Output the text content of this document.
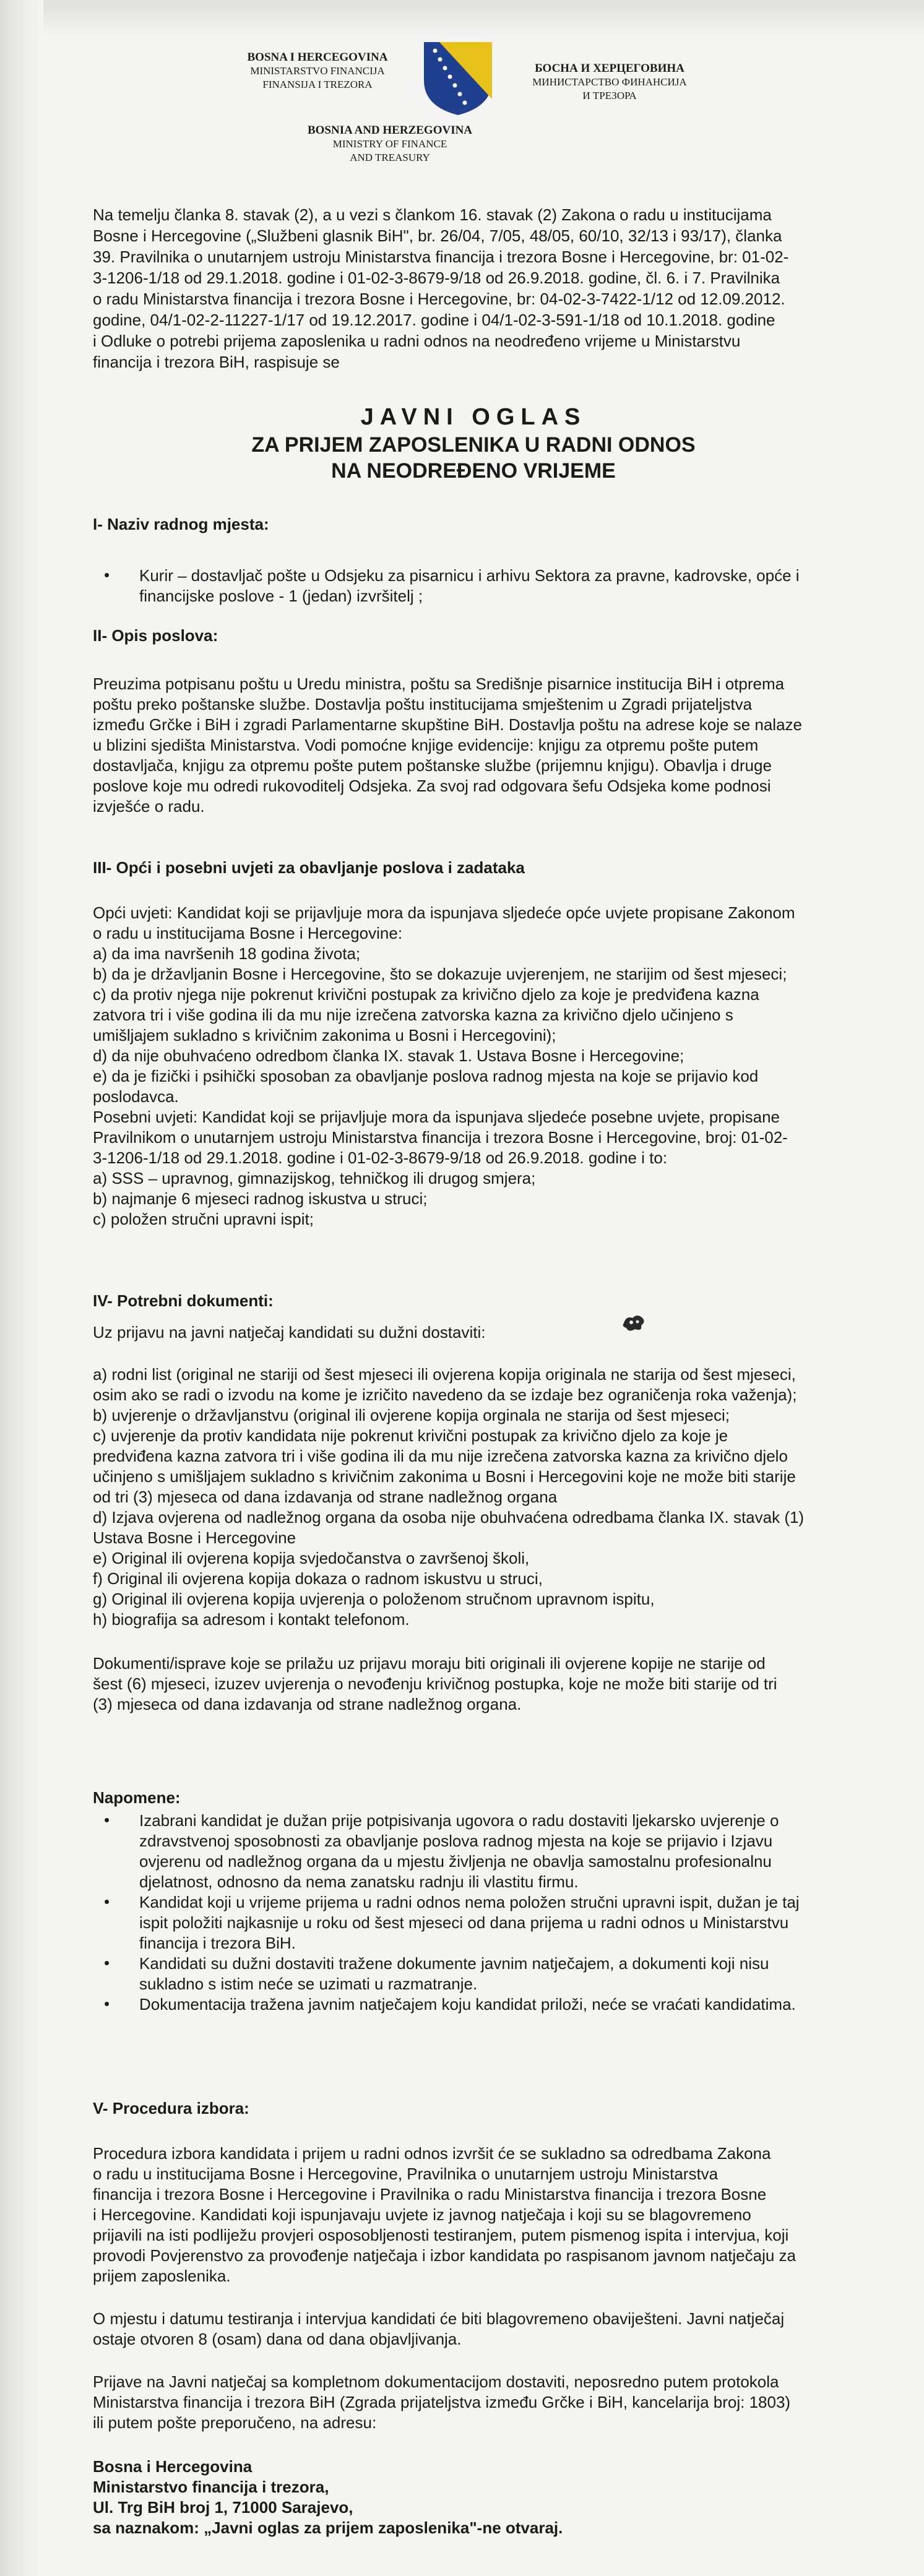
BOSNA I HERCEGOVINA
MINISTARSTVO FINANCIJA
FINANSIJA I TREZORA
БОСНА И ХЕРЦЕГОВИНА
МИНИСТАРСТВО ФИНАНСИЈА
И ТРЕЗОРА
BOSNIA AND HERZEGOVINA
MINISTRY OF FINANCE
AND TREASURY
Na temelju članka 8. stavak (2), a u vezi s člankom 16. stavak (2) Zakona o radu u institucijama
Bosne i Hercegovine („Službeni glasnik BiH", br. 26/04, 7/05, 48/05, 60/10, 32/13 i 93/17), članka
39. Pravilnika o unutarnjem ustroju Ministarstva financija i trezora Bosne i Hercegovine, br: 01-02-
3-1206-1/18 od 29.1.2018. godine i 01-02-3-8679-9/18 od 26.9.2018. godine, čl. 6. i 7. Pravilnika
o radu Ministarstva financija i trezora Bosne i Hercegovine, br: 04-02-3-7422-1/12 od 12.09.2012.
godine, 04/1-02-2-11227-1/17 od 19.12.2017. godine i 04/1-02-3-591-1/18 od 10.1.2018. godine
i Odluke o potrebi prijema zaposlenika u radni odnos na neodređeno vrijeme u Ministarstvu
financija i trezora BiH, raspisuje se
JAVNI OGLAS
ZA PRIJEM ZAPOSLENIKA U RADNI ODNOS
NA NEODREĐENO VRIJEME
I- Naziv radnog mjesta:
• Kurir – dostavljač pošte u Odsjeku za pisarnicu i arhivu Sektora za pravne, kadrovske, opće i
financijske poslove - 1 (jedan) izvršitelj ;
II- Opis poslova:
Preuzima potpisanu poštu u Uredu ministra, poštu sa Središnje pisarnice institucija BiH i otprema
poštu preko poštanske službe. Dostavlja poštu institucijama smještenim u Zgradi prijateljstva
između Grčke i BiH i zgradi Parlamentarne skupštine BiH. Dostavlja poštu na adrese koje se nalaze
u blizini sjedišta Ministarstva. Vodi pomoćne knjige evidencije: knjigu za otpremu pošte putem
dostavljača, knjigu za otpremu pošte putem poštanske službe (prijemnu knjigu). Obavlja i druge
poslove koje mu odredi rukovoditelj Odsjeka. Za svoj rad odgovara šefu Odsjeka kome podnosi
izvješće o radu.
III- Opći i posebni uvjeti za obavljanje poslova i zadataka
Opći uvjeti: Kandidat koji se prijavljuje mora da ispunjava sljedeće opće uvjete propisane Zakonom
o radu u institucijama Bosne i Hercegovine:
a) da ima navršenih 18 godina života;
b) da je državljanin Bosne i Hercegovine, što se dokazuje uvjerenjem, ne starijim od šest mjeseci;
c) da protiv njega nije pokrenut krivični postupak za krivično djelo za koje je predviđena kazna
zatvora tri i više godina ili da mu nije izrečena zatvorska kazna za krivično djelo učinjeno s
umišljajem sukladno s krivičnim zakonima u Bosni i Hercegovini);
d) da nije obuhvaćeno odredbom članka IX. stavak 1. Ustava Bosne i Hercegovine;
e) da je fizički i psihički sposoban za obavljanje poslova radnog mjesta na koje se prijavio kod
poslodavca.
Posebni uvjeti: Kandidat koji se prijavljuje mora da ispunjava sljedeće posebne uvjete, propisane
Pravilnikom o unutarnjem ustroju Ministarstva financija i trezora Bosne i Hercegovine, broj: 01-02-
3-1206-1/18 od 29.1.2018. godine i 01-02-3-8679-9/18 od 26.9.2018. godine i to:
a) SSS – upravnog, gimnazijskog, tehničkog ili drugog smjera;
b) najmanje 6 mjeseci radnog iskustva u struci;
c) položen stručni upravni ispit;
IV- Potrebni dokumenti:
Uz prijavu na javni natječaj kandidati su dužni dostaviti:
a) rodni list (original ne stariji od šest mjeseci ili ovjerena kopija originala ne starija od šest mjeseci,
osim ako se radi o izvodu na kome je izričito navedeno da se izdaje bez ograničenja roka važenja);
b) uvjerenje o državljanstvu (original ili ovjerene kopija orginala ne starija od šest mjeseci;
c) uvjerenje da protiv kandidata nije pokrenut krivični postupak za krivično djelo za koje je
predviđena kazna zatvora tri i više godina ili da mu nije izrečena zatvorska kazna za krivično djelo
učinjeno s umišljajem sukladno s krivičnim zakonima u Bosni i Hercegovini koje ne može biti starije
od tri (3) mjeseca od dana izdavanja od strane nadležnog organa
d) Izjava ovjerena od nadležnog organa da osoba nije obuhvaćena odredbama članka IX. stavak (1)
Ustava Bosne i Hercegovine
e) Original ili ovjerena kopija svjedočanstva o završenoj školi,
f) Original ili ovjerena kopija dokaza o radnom iskustvu u struci,
g) Original ili ovjerena kopija uvjerenja o položenom stručnom upravnom ispitu,
h) biografija sa adresom i kontakt telefonom.
Dokumenti/isprave koje se prilažu uz prijavu moraju biti originali ili ovjerene kopije ne starije od
šest (6) mjeseci, izuzev uvjerenja o nevođenju krivičnog postupka, koje ne može biti starije od tri
(3) mjeseca od dana izdavanja od strane nadležnog organa.
Napomene:
• Izabrani kandidat je dužan prije potpisivanja ugovora o radu dostaviti ljekarsko uvjerenje o
zdravstvenoj sposobnosti za obavljanje poslova radnog mjesta na koje se prijavio i Izjavu
ovjerenu od nadležnog organa da u mjestu življenja ne obavlja samostalnu profesionalnu
djelatnost, odnosno da nema zanatsku radnju ili vlastitu firmu.
• Kandidat koji u vrijeme prijema u radni odnos nema položen stručni upravni ispit, dužan je taj
ispit položiti najkasnije u roku od šest mjeseci od dana prijema u radni odnos u Ministarstvu
financija i trezora BiH.
• Kandidati su dužni dostaviti tražene dokumente javnim natječajem, a dokumenti koji nisu
sukladno s istim neće se uzimati u razmatranje.
• Dokumentacija tražena javnim natječajem koju kandidat priloži, neće se vraćati kandidatima.
V- Procedura izbora:
Procedura izbora kandidata i prijem u radni odnos izvršit će se sukladno sa odredbama Zakona
o radu u institucijama Bosne i Hercegovine, Pravilnika o unutarnjem ustroju Ministarstva
financija i trezora Bosne i Hercegovine i Pravilnika o radu Ministarstva financija i trezora Bosne
i Hercegovine. Kandidati koji ispunjavaju uvjete iz javnog natječaja i koji su se blagovremeno
prijavili na isti podliježu provjeri osposobljenosti testiranjem, putem pismenog ispita i intervjua, koji
provodi Povjerenstvo za provođenje natječaja i izbor kandidata po raspisanom javnom natječaju za
prijem zaposlenika.
O mjestu i datumu testiranja i intervjua kandidati će biti blagovremeno obaviješteni. Javni natječaj
ostaje otvoren 8 (osam) dana od dana objavljivanja.
Prijave na Javni natječaj sa kompletnom dokumentacijom dostaviti, neposredno putem protokola
Ministarstva financija i trezora BiH (Zgrada prijateljstva između Grčke i BiH, kancelarija broj: 1803)
ili putem pošte preporučeno, na adresu:
Bosna i Hercegovina
Ministarstvo financija i trezora,
Ul. Trg BiH broj 1, 71000 Sarajevo,
sa naznakom: „Javni oglas za prijem zaposlenika"-ne otvaraj.
